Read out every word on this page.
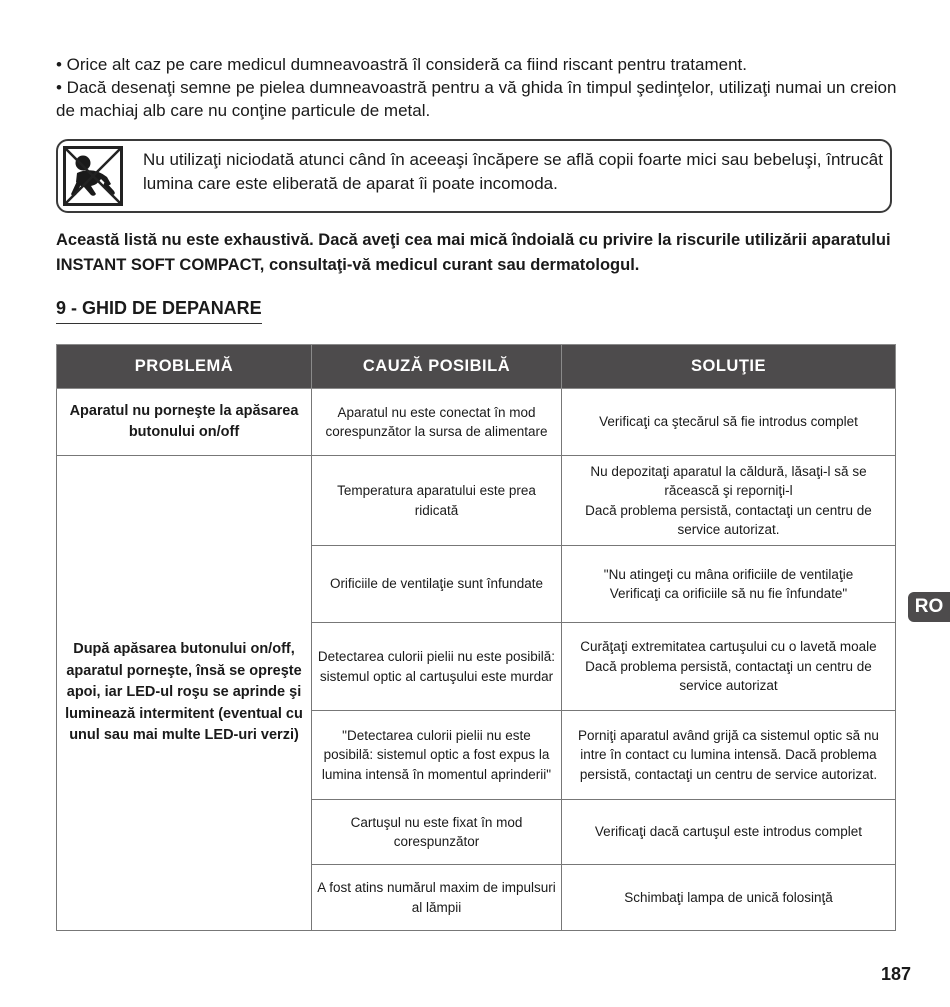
• Orice alt caz pe care medicul dumneavoastră îl consideră ca fiind riscant pentru tratament.

• Dacă desenaţi semne pe pielea dumneavoastră pentru a vă ghida în timpul şedinţelor, utilizaţi numai un creion de machiaj alb care nu conţine particule de metal.

Nu utilizaţi niciodată atunci când în aceeaşi încăpere se află copii foarte mici sau bebeluşi, întrucât lumina care este eliberată de aparat îi poate incomoda.
Această listă nu este exhaustivă. Dacă aveţi cea mai mică îndoială cu privire la riscurile utilizării aparatului INSTANT SOFT COMPACT, consultaţi-vă medicul curant sau dermatologul.
9 - GHID DE DEPANARE
PROBLEMĂ	CAUZĂ POSIBILĂ	SOLUŢIE
Aparatul nu porneşte la apăsarea butonului on/off	Aparatul nu este conectat în mod corespunzător la sursa de alimentare	Verificaţi ca ştecărul să fie introdus complet
După apăsarea butonului on/off, aparatul porneşte, însă se opreşte apoi, iar LED-ul roşu se aprinde şi luminează intermitent (eventual cu unul sau mai multe LED-uri verzi)	Temperatura aparatului este prea ridicată	Nu depozitaţi aparatul la căldură, lăsaţi-l să se răcească şi reporniţi-l
Dacă problema persistă, contactaţi un centru de service autorizat.
	Orificiile de ventilaţie sunt înfundate	"Nu atingeţi cu mâna orificiile de ventilaţie
Verificaţi ca orificiile să nu fie înfundate"
	Detectarea culorii pielii nu este posibilă: sistemul optic al cartuşului este murdar	Curăţaţi extremitatea cartuşului cu o lavetă moale
Dacă problema persistă, contactaţi un centru de service autorizat
	"Detectarea culorii pielii nu este posibilă: sistemul optic a fost expus la lumina intensă în momentul aprinderii"	Porniţi aparatul având grijă ca sistemul optic să nu intre în contact cu lumina intensă. Dacă problema persistă, contactaţi un centru de service autorizat.
	Cartuşul nu este fixat în mod corespunzător	Verificaţi dacă cartuşul este introdus complet
	A fost atins numărul maxim de impulsuri al lămpii	Schimbaţi lampa de unică folosinţă
RO
187
